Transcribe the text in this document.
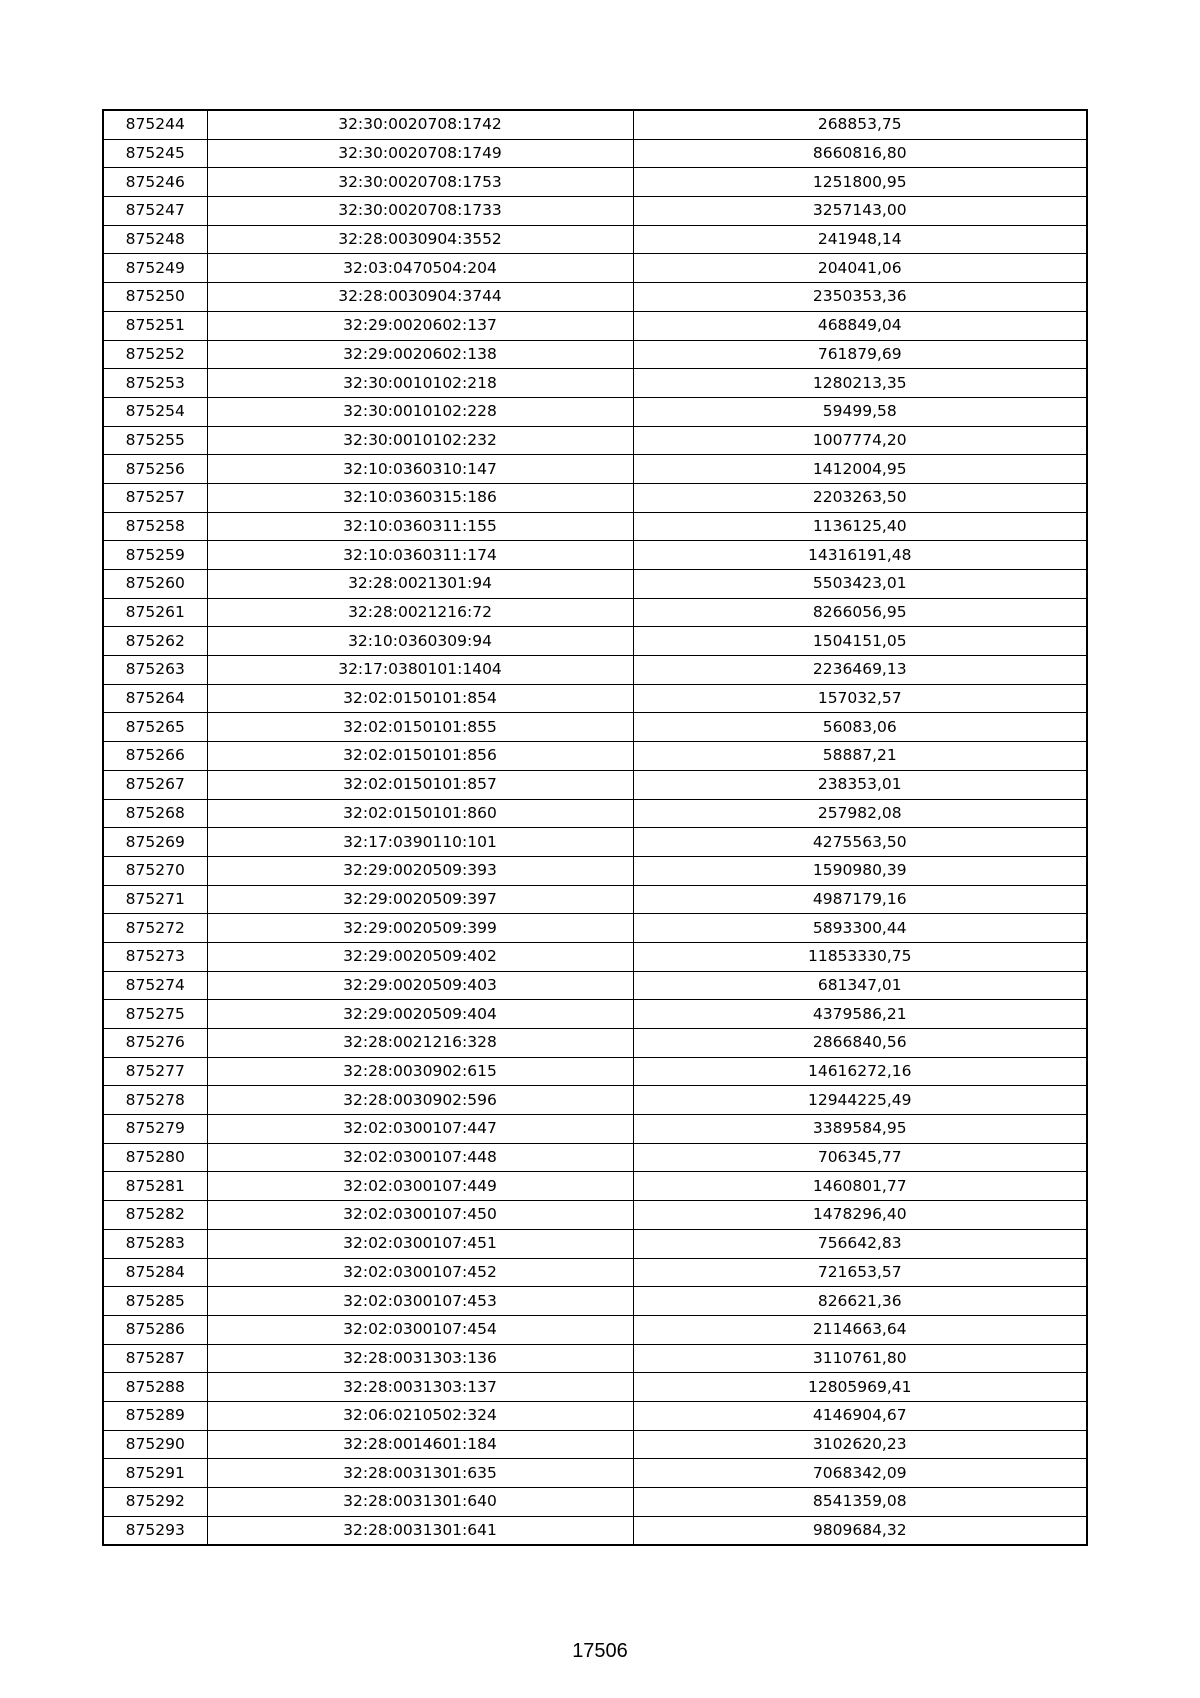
875244	32:30:0020708:1742	268853,75
875245	32:30:0020708:1749	8660816,80
875246	32:30:0020708:1753	1251800,95
875247	32:30:0020708:1733	3257143,00
875248	32:28:0030904:3552	241948,14
875249	32:03:0470504:204	204041,06
875250	32:28:0030904:3744	2350353,36
875251	32:29:0020602:137	468849,04
875252	32:29:0020602:138	761879,69
875253	32:30:0010102:218	1280213,35
875254	32:30:0010102:228	59499,58
875255	32:30:0010102:232	1007774,20
875256	32:10:0360310:147	1412004,95
875257	32:10:0360315:186	2203263,50
875258	32:10:0360311:155	1136125,40
875259	32:10:0360311:174	14316191,48
875260	32:28:0021301:94	5503423,01
875261	32:28:0021216:72	8266056,95
875262	32:10:0360309:94	1504151,05
875263	32:17:0380101:1404	2236469,13
875264	32:02:0150101:854	157032,57
875265	32:02:0150101:855	56083,06
875266	32:02:0150101:856	58887,21
875267	32:02:0150101:857	238353,01
875268	32:02:0150101:860	257982,08
875269	32:17:0390110:101	4275563,50
875270	32:29:0020509:393	1590980,39
875271	32:29:0020509:397	4987179,16
875272	32:29:0020509:399	5893300,44
875273	32:29:0020509:402	11853330,75
875274	32:29:0020509:403	681347,01
875275	32:29:0020509:404	4379586,21
875276	32:28:0021216:328	2866840,56
875277	32:28:0030902:615	14616272,16
875278	32:28:0030902:596	12944225,49
875279	32:02:0300107:447	3389584,95
875280	32:02:0300107:448	706345,77
875281	32:02:0300107:449	1460801,77
875282	32:02:0300107:450	1478296,40
875283	32:02:0300107:451	756642,83
875284	32:02:0300107:452	721653,57
875285	32:02:0300107:453	826621,36
875286	32:02:0300107:454	2114663,64
875287	32:28:0031303:136	3110761,80
875288	32:28:0031303:137	12805969,41
875289	32:06:0210502:324	4146904,67
875290	32:28:0014601:184	3102620,23
875291	32:28:0031301:635	7068342,09
875292	32:28:0031301:640	8541359,08
875293	32:28:0031301:641	9809684,32
17506
